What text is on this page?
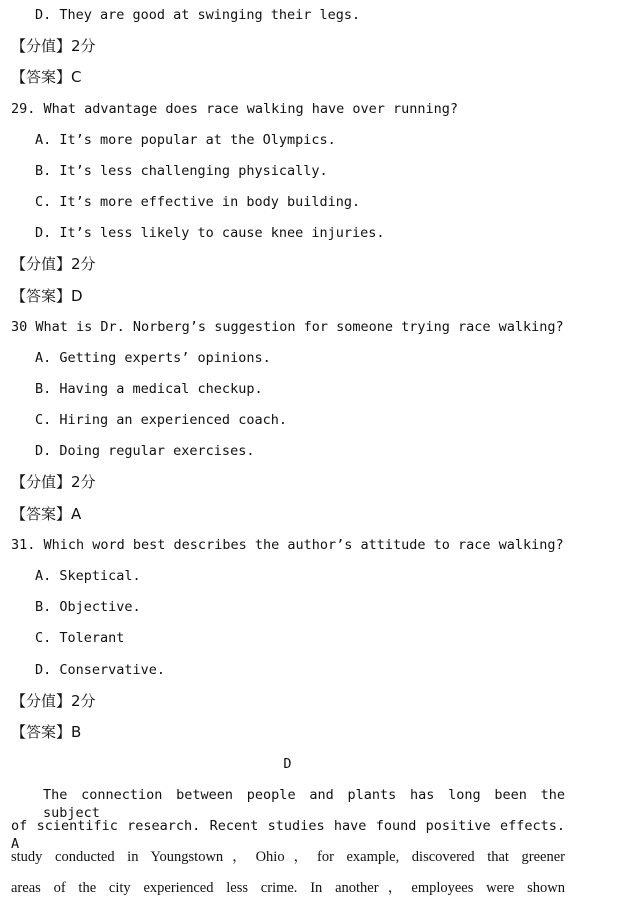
D. They are good at swinging their legs.
【分值】2分
【答案】C
29. What advantage does race walking have over running?
A. It’s more popular at the Olympics.
B. It’s less challenging physically.
C. It’s more effective in body building.
D. It’s less likely to cause knee injuries.
【分值】2分
【答案】D
30 What is Dr. Norberg’s suggestion for someone trying race walking?
A. Getting experts’ opinions.
B. Having a medical checkup.
C. Hiring an experienced coach.
D. Doing regular exercises.
【分值】2分
【答案】A
31. Which word best describes the author’s attitude to race walking?
A. Skeptical.
B. Objective.
C. Tolerant
D. Conservative.
【分值】2分
【答案】B
D
The connection between people and plants has long been the subject
of scientific research. Recent studies have found positive effects. A
study conducted in Youngstown，Ohio，for example, discovered that greener
areas of the city experienced less crime. In another，employees were shown
